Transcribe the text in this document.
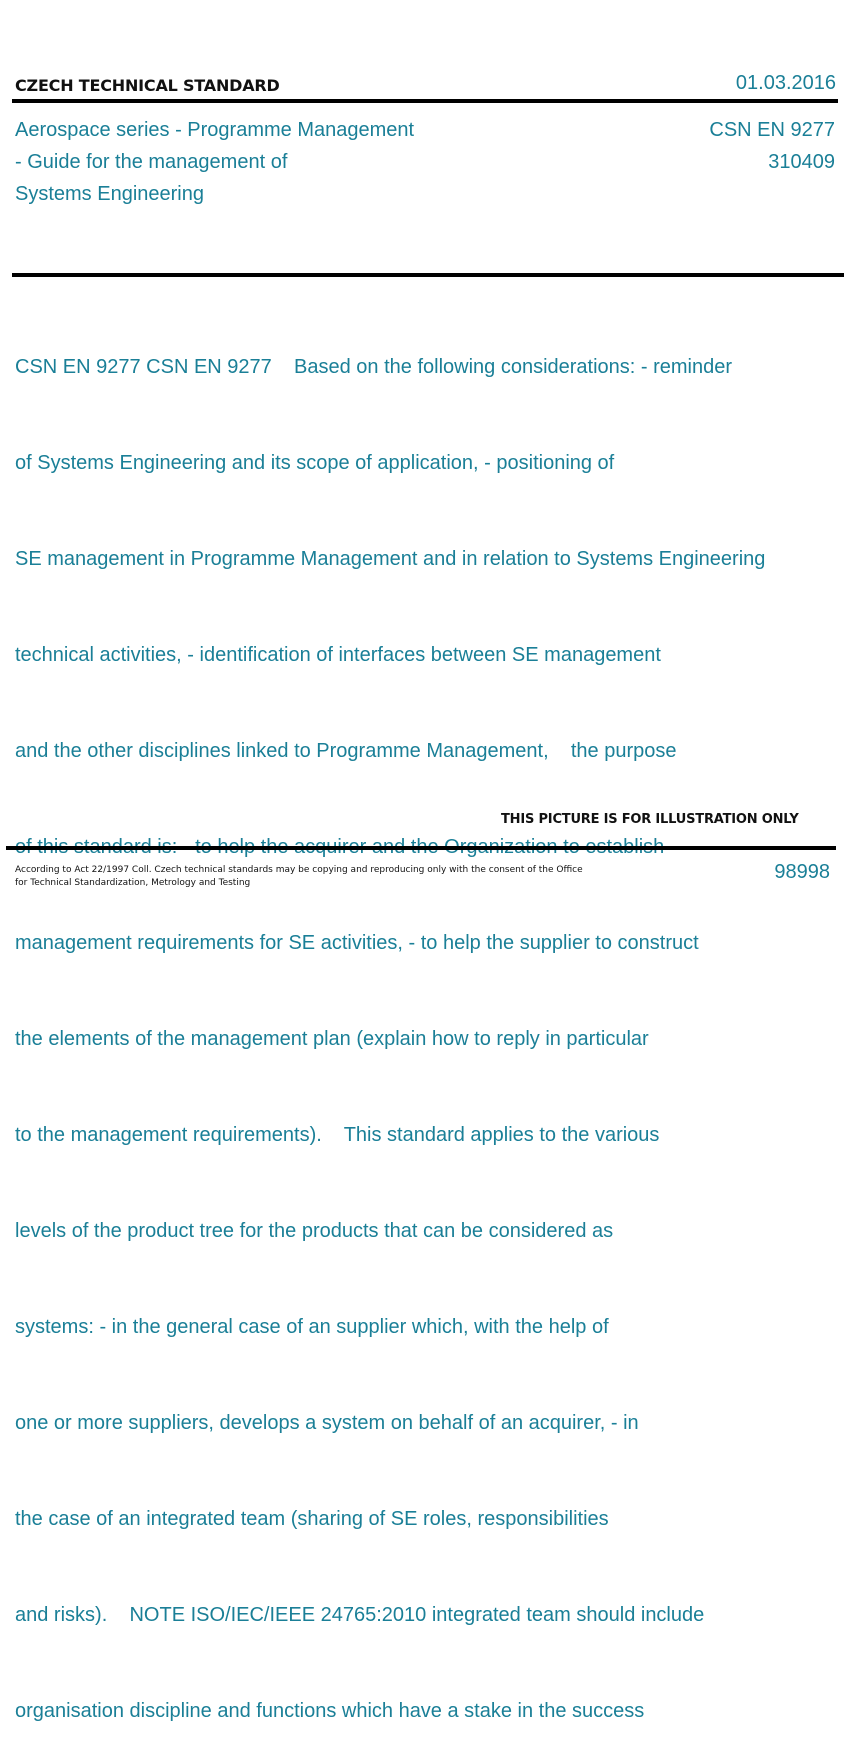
CZECH TECHNICAL STANDARD	01.03.2016
Aerospace series - Programme Management
- Guide for the management of
Systems Engineering
CSN EN 9277
310409

CSN EN 9277 CSN EN 9277    Based on the following considerations: - reminder

of Systems Engineering and its scope of application, - positioning of

SE management in Programme Management and in relation to Systems Engineering

technical activities, - identification of interfaces between SE management

and the other disciplines linked to Programme Management,    the purpose

management requirements for SE activities, - to help the supplier to construct

the elements of the management plan (explain how to reply in particular

to the management requirements).    This standard applies to the various

levels of the product tree for the products that can be considered as

systems: - in the general case of an supplier which, with the help of

one or more suppliers, develops a system on behalf of an acquirer, - in

the case of an integrated team (sharing of SE roles, responsibilities

and risks).    NOTE ISO/IEC/IEEE 24765:2010 integrated team should include

organisation discipline and functions which have a stake in the success

THIS PICTURE IS FOR ILLUSTRATION ONLY
According to Act 22/1997 Coll. Czech technical standards may be copying and reproducing only with the consent of the Office
for Technical Standardization, Metrology and Testing	98998
